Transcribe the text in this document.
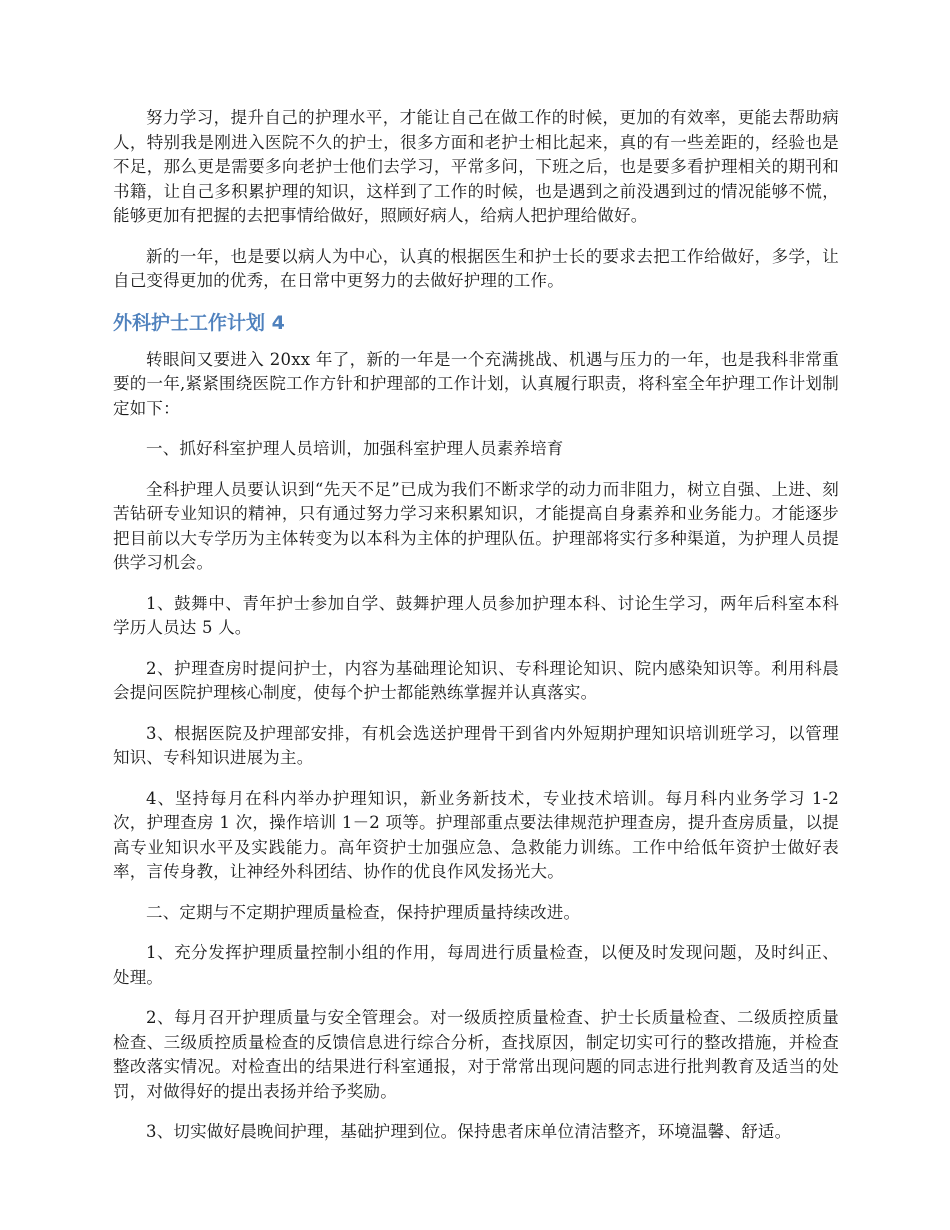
努力学习，提升自己的护理水平，才能让自己在做工作的时候，更加的有效率，更能去帮助病人，特别我是刚进入医院不久的护士，很多方面和老护士相比起来，真的有一些差距的，经验也是不足，那么更是需要多向老护士他们去学习，平常多问，下班之后，也是要多看护理相关的期刊和书籍，让自己多积累护理的知识，这样到了工作的时候，也是遇到之前没遇到过的情况能够不慌，能够更加有把握的去把事情给做好，照顾好病人，给病人把护理给做好。

新的一年，也是要以病人为中心，认真的根据医生和护士长的要求去把工作给做好，多学，让自己变得更加的优秀，在日常中更努力的去做好护理的工作。

外科护士工作计划 4

转眼间又要进入 20xx 年了，新的一年是一个充满挑战、机遇与压力的一年，也是我科非常重要的一年,紧紧围绕医院工作方针和护理部的工作计划，认真履行职责，将科室全年护理工作计划制定如下：

一、抓好科室护理人员培训，加强科室护理人员素养培育

全科护理人员要认识到“先天不足”已成为我们不断求学的动力而非阻力，树立自强、上进、刻苦钻研专业知识的精神，只有通过努力学习来积累知识，才能提高自身素养和业务能力。才能逐步把目前以大专学历为主体转变为以本科为主体的护理队伍。护理部将实行多种渠道，为护理人员提供学习机会。

1、鼓舞中、青年护士参加自学、鼓舞护理人员参加护理本科、讨论生学习，两年后科室本科学历人员达 5 人。

2、护理查房时提问护士，内容为基础理论知识、专科理论知识、院内感染知识等。利用科晨会提问医院护理核心制度，使每个护士都能熟练掌握并认真落实。

3、根据医院及护理部安排，有机会选送护理骨干到省内外短期护理知识培训班学习，以管理知识、专科知识进展为主。

4、坚持每月在科内举办护理知识，新业务新技术，专业技术培训。每月科内业务学习 1-2 次，护理查房 1 次，操作培训 1－2 项等。护理部重点要法律规范护理查房，提升查房质量，以提高专业知识水平及实践能力。高年资护士加强应急、急救能力训练。工作中给低年资护士做好表率，言传身教，让神经外科团结、协作的优良作风发扬光大。

二、定期与不定期护理质量检查，保持护理质量持续改进。

1、充分发挥护理质量控制小组的作用，每周进行质量检查，以便及时发现问题，及时纠正、处理。

2、每月召开护理质量与安全管理会。对一级质控质量检查、护士长质量检查、二级质控质量检查、三级质控质量检查的反馈信息进行综合分析，查找原因，制定切实可行的整改措施，并检查整改落实情况。对检查出的结果进行科室通报，对于常常出现问题的同志进行批判教育及适当的处罚，对做得好的提出表扬并给予奖励。

3、切实做好晨晚间护理，基础护理到位。保持患者床单位清洁整齐，环境温馨、舒适。
